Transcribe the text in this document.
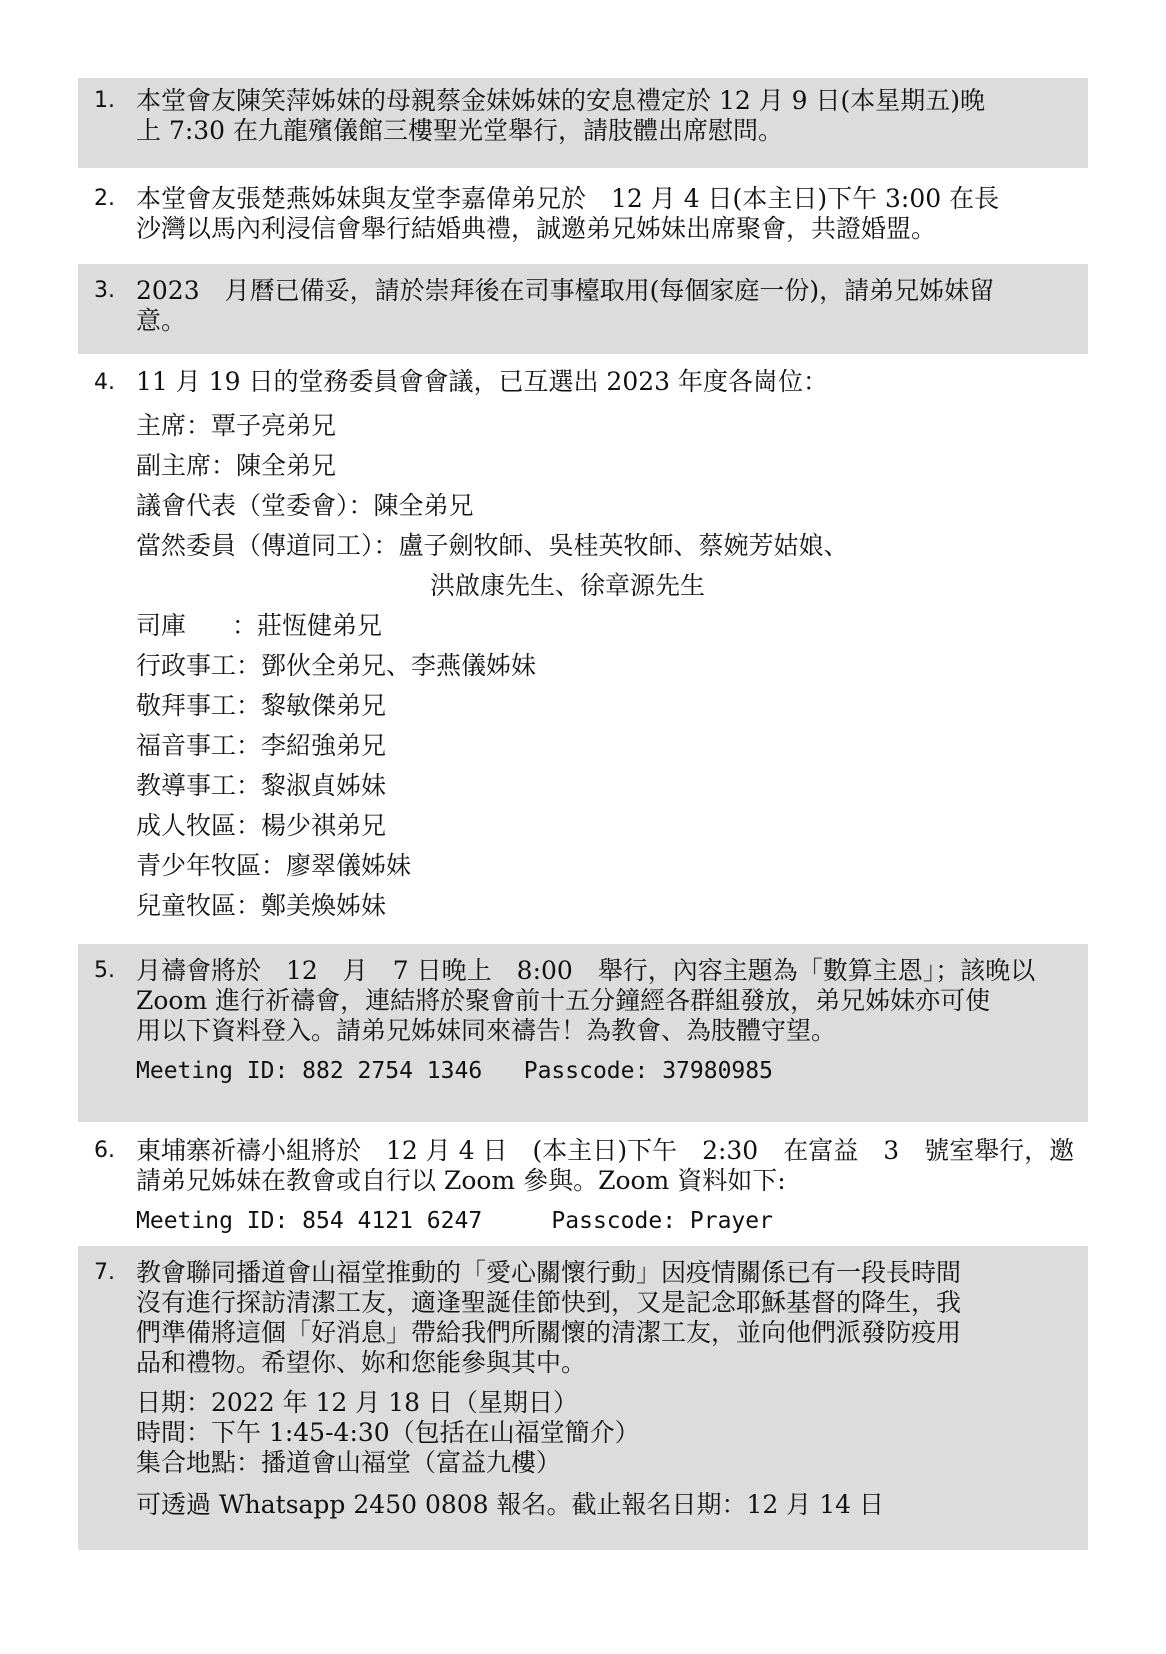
1. 本堂會友陳笑萍姊妹的母親蔡金妹姊妹的安息禮定於 12 月 9 日(本星期五)晚
上 7:30 在九龍殯儀館三樓聖光堂舉行，請肢體出席慰問。
2. 本堂會友張楚燕姊妹與友堂李嘉偉弟兄於　12 月 4 日(本主日)下午 3:00 在長
沙灣以馬內利浸信會舉行結婚典禮，誠邀弟兄姊妹出席聚會，共證婚盟。
3. 2023　月曆已備妥，請於崇拜後在司事檯取用(每個家庭一份)，請弟兄姊妹留
意。
4. 11 月 19 日的堂務委員會會議，已互選出 2023 年度各崗位：
主席： 覃子亮弟兄
副主席： 陳全弟兄
議會代表（堂委會）： 陳全弟兄
當然委員（傳道同工）： 盧子劍牧師、吳桂英牧師、蔡婉芳姑娘、
洪啟康先生、徐章源先生
司庫	：莊恆健弟兄
行政事工： 鄧伙全弟兄、李燕儀姊妹
敬拜事工： 黎敏傑弟兄
福音事工： 李紹強弟兄
教導事工： 黎淑貞姊妹
成人牧區： 楊少祺弟兄
青少年牧區： 廖翠儀姊妹
兒童牧區： 鄭美煥姊妹
5. 月禱會將於　12　月　7 日晚上　8:00　舉行，內容主題為「數算主恩」；該晚以
Zoom 進行祈禱會，連結將於聚會前十五分鐘經各群組發放，弟兄姊妹亦可使
用以下資料登入。請弟兄姊妹同來禱告！為教會、為肢體守望。
Meeting ID: 882 2754 1346   Passcode: 37980985
6. 東埔寨祈禱小組將於　12 月 4 日　(本主日)下午　2:30　在富益　3　號室舉行，邀
請弟兄姊妹在教會或自行以 Zoom 參與。Zoom 資料如下:
Meeting ID: 854 4121 6247     Passcode: Prayer
7. 教會聯同播道會山福堂推動的「愛心關懷行動」因疫情關係已有一段長時間
沒有進行探訪清潔工友，適逢聖誕佳節快到，又是記念耶穌基督的降生，我
們準備將這個「好消息」帶給我們所關懷的清潔工友，並向他們派發防疫用
品和禮物。希望你、妳和您能參與其中。
日期：2022 年 12 月 18 日（星期日）
時間：下午 1:45-4:30（包括在山福堂簡介）
集合地點：播道會山福堂（富益九樓）
可透過 Whatsapp 2450 0808 報名。截止報名日期：12 月 14 日
